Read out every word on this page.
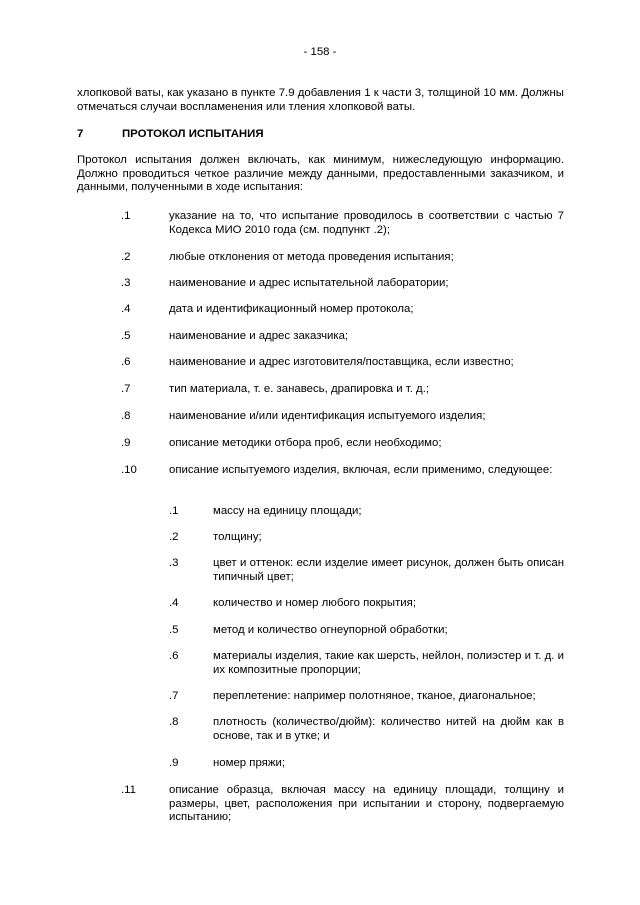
- 158 -
хлопковой ваты, как указано в пункте 7.9 добавления 1 к части 3, толщиной 10 мм. Должны отмечаться случаи воспламенения или тления хлопковой ваты.
7	ПРОТОКОЛ ИСПЫТАНИЯ
Протокол испытания должен включать, как минимум, нижеследующую информацию. Должно проводиться четкое различие между данными, предоставленными заказчиком, и данными, полученными в ходе испытания:
.1	указание на то, что испытание проводилось в соответствии с частью 7 Кодекса МИО 2010 года (см. подпункт .2);
.2	любые отклонения от метода проведения испытания;
.3	наименование и адрес испытательной лаборатории;
.4	дата и идентификационный номер протокола;
.5	наименование и адрес заказчика;
.6	наименование и адрес изготовителя/поставщика, если известно;
.7	тип материала, т. е. занавесь, драпировка и т. д.;
.8	наименование и/или идентификация испытуемого изделия;
.9	описание методики отбора проб, если необходимо;
.10	описание испытуемого изделия, включая, если применимо, следующее:
.1	массу на единицу площади;
.2	толщину;
.3	цвет и оттенок: если изделие имеет рисунок, должен быть описан типичный цвет;
.4	количество и номер любого покрытия;
.5	метод и количество огнеупорной обработки;
.6	материалы изделия, такие как шерсть, нейлон, полиэстер и т. д. и их композитные пропорции;
.7	переплетение: например полотняное, ткaное, диагональное;
.8	плотность (количество/дюйм): количество нитей на дюйм как в основе, так и в утке; и
.9	номер пряжи;
.11	описание образца, включая массу на единицу площади, толщину и размеры, цвет, расположения при испытании и сторону, подвергаемую испытанию;
